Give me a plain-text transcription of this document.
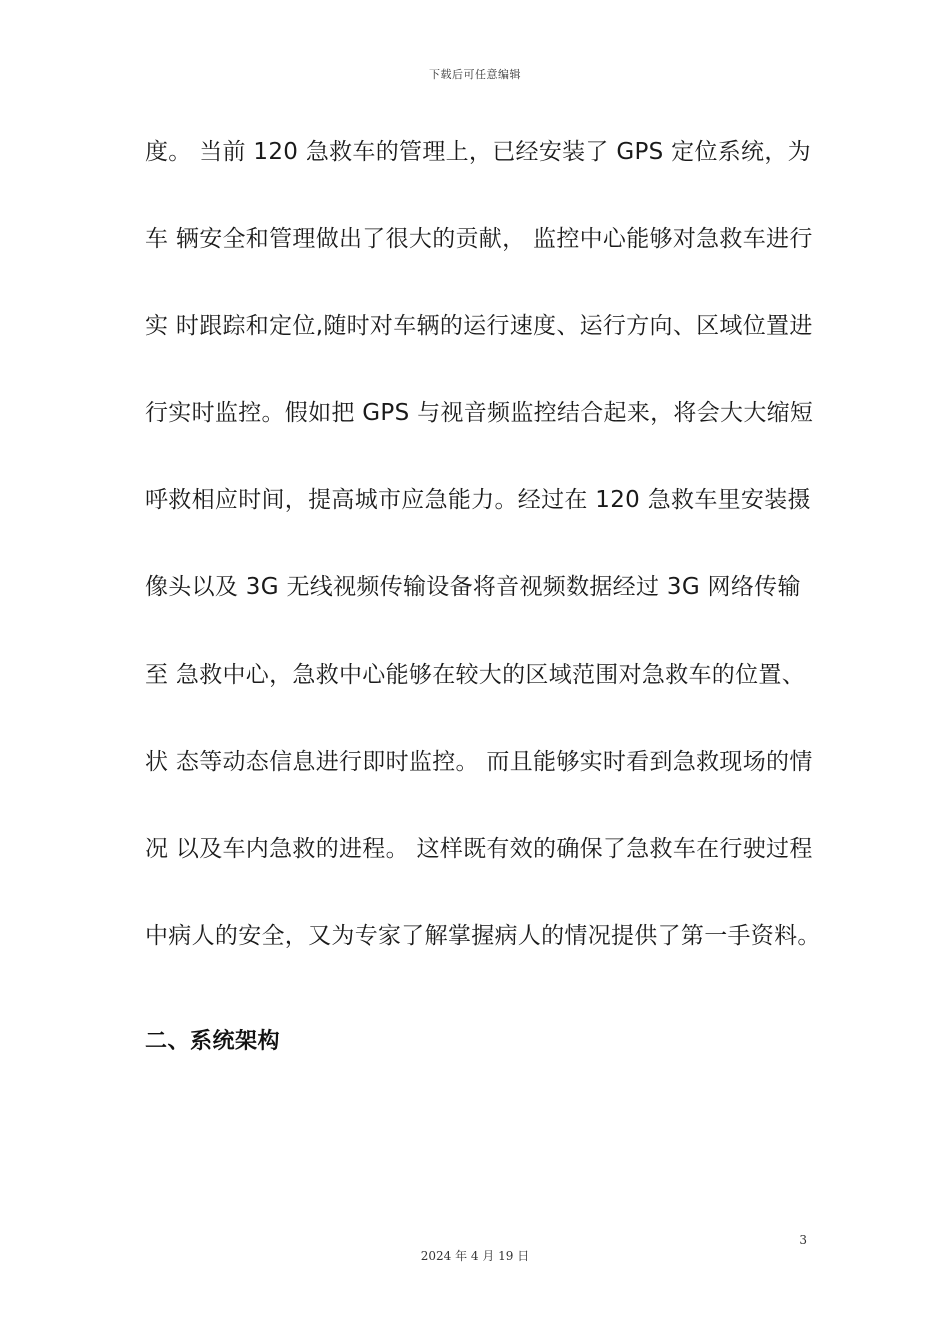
下载后可任意编辑
度。 当前 120 急救车的管理上，已经安装了 GPS 定位系统，为
车 辆安全和管理做出了很大的贡献， 监控中心能够对急救车进行
实 时跟踪和定位,随时对车辆的运行速度、运行方向、区域位置进
行实时监控。假如把 GPS 与视音频监控结合起来，将会大大缩短
呼救相应时间，提高城市应急能力。经过在 120 急救车里安装摄
像头以及 3G 无线视频传输设备将音视频数据经过 3G 网络传输
至 急救中心，急救中心能够在较大的区域范围对急救车的位置、
状 态等动态信息进行即时监控。 而且能够实时看到急救现场的情
况 以及车内急救的进程。 这样既有效的确保了急救车在行驶过程
中病人的安全，又为专家了解掌握病人的情况提供了第一手资料。
二、系统架构
3
2024 年 4 月 19 日
